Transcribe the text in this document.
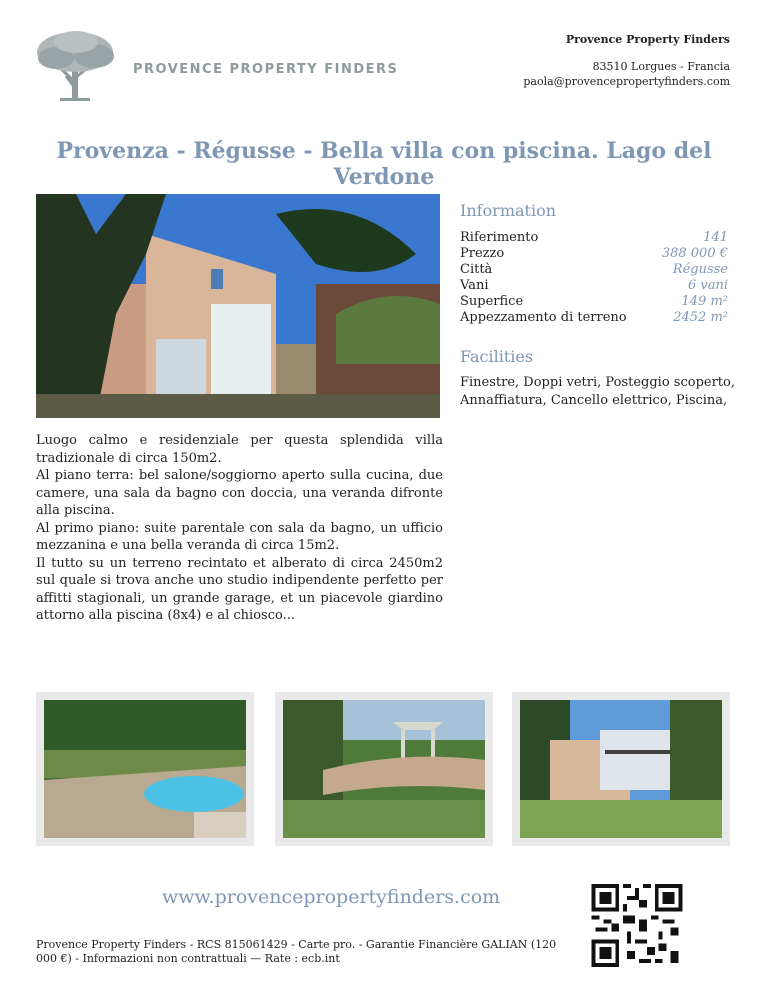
PROVENCE PROPERTY FINDERS
Provence Property Finders
83510 Lorgues - Francia
paola@provencepropertyfinders.com
Provenza - Régusse - Bella villa con piscina. Lago del Verdone
Information
Riferimento	141
Prezzo	388 000 €
Città	Régusse
Vani	6 vani
Superfice	149 m²
Appezzamento di terreno	2452 m²
Facilities
Finestre, Doppi vetri, Posteggio scoperto, Annaffiatura, Cancello elettrico, Piscina,

Luogo calmo e residenziale per questa splendida villa tradizionale di circa 150m2.

Al piano terra: bel salone/soggiorno aperto sulla cucina, due camere, una sala da bagno con doccia, una veranda difronte alla piscina.

Al primo piano: suite parentale con sala da bagno, un ufficio mezzanina e una bella veranda di circa 15m2.

Il tutto su un terreno recintato et alberato di circa 2450m2 sul quale si trova anche uno studio indipendente perfetto per affitti stagionali, un grande garage, et un piacevole giardino attorno alla piscina (8x4) e al chiosco...

www.provencepropertyfinders.com
Provence Property Finders - RCS 815061429 - Carte pro. - Garantie Financière GALIAN (120 000 €) - Informazioni non contrattuali — Rate : ecb.int
